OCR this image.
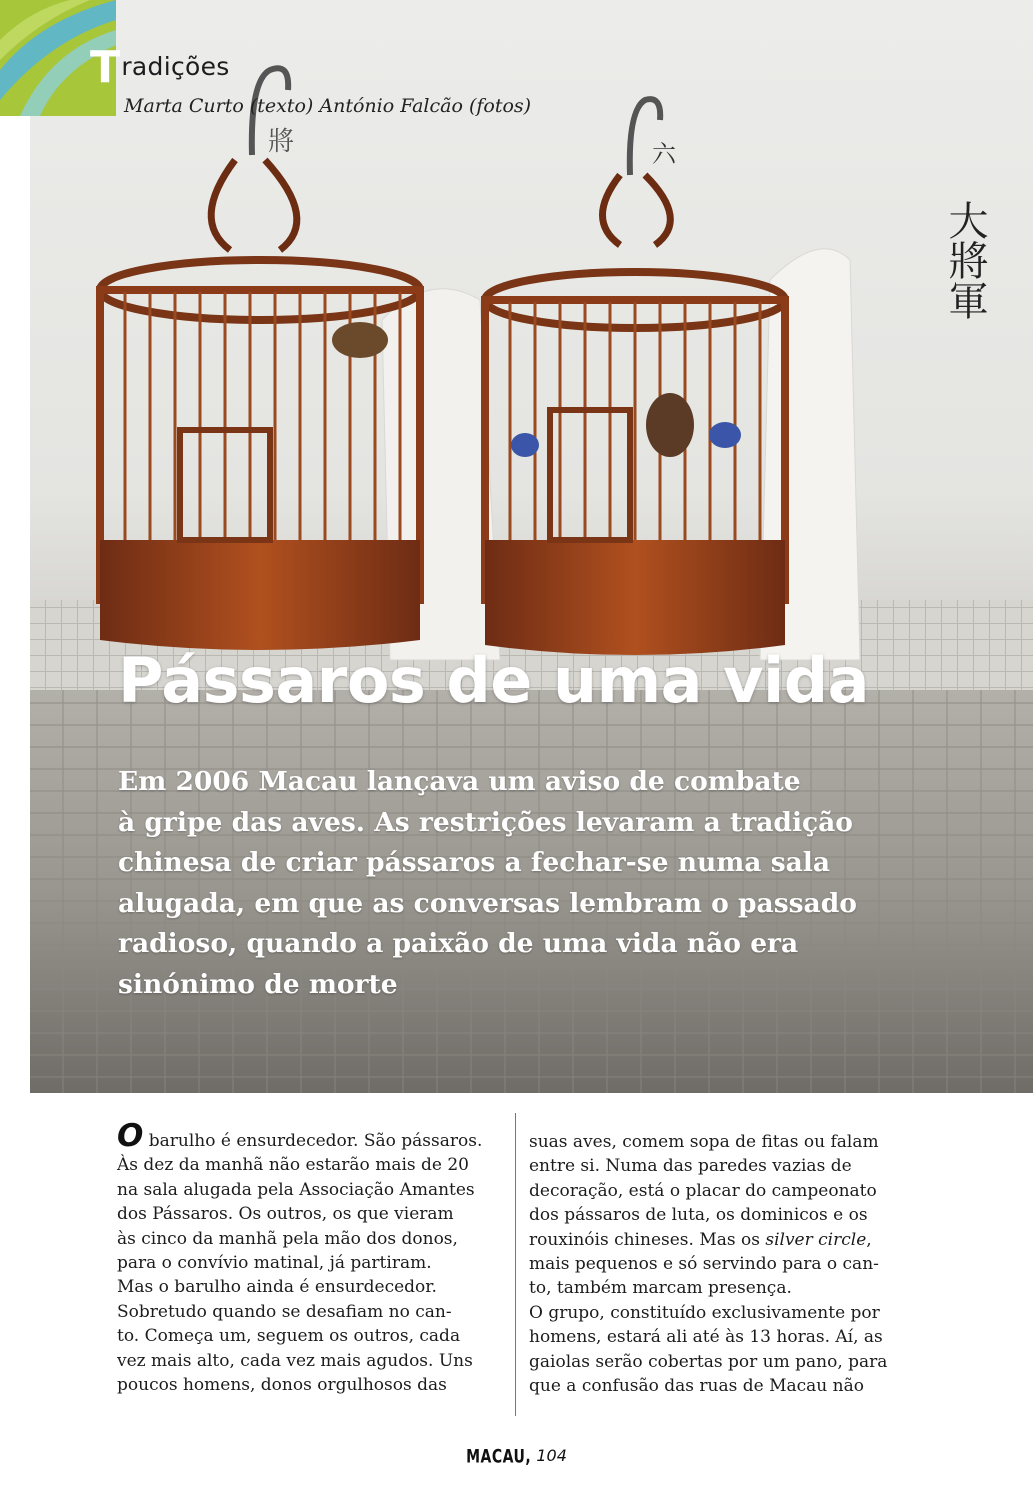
大將軍
將	六
Tradições
Marta Curto (texto) António Falcão (fotos)
Pássaros de uma vida
Em 2006 Macau lançava um aviso de combate
à gripe das aves. As restrições levaram a tradição
chinesa de criar pássaros a fechar-se numa sala
alugada, em que as conversas lembram o passado
radioso, quando a paixão de uma vida não era
sinónimo de morte
O barulho é ensurdecedor. São pássaros.
Às dez da manhã não estarão mais de 20
na sala alugada pela Associação Amantes
dos Pássaros. Os outros, os que vieram
às cinco da manhã pela mão dos donos,
para o convívio matinal, já partiram.
Mas o barulho ainda é ensurdecedor.
Sobretudo quando se desafiam no can-
to. Começa um, seguem os outros, cada
vez mais alto, cada vez mais agudos. Uns
poucos homens, donos orgulhosos das
suas aves, comem sopa de fitas ou falam
entre si. Numa das paredes vazias de
decoração, está o placar do campeonato
dos pássaros de luta, os dominicos e os
rouxinóis chineses. Mas os silver circle,
mais pequenos e só servindo para o can-
to, também marcam presença.
O grupo, constituído exclusivamente por
homens, estará ali até às 13 horas. Aí, as
gaiolas serão cobertas por um pano, para
que a confusão das ruas de Macau não
MACAU, 104
